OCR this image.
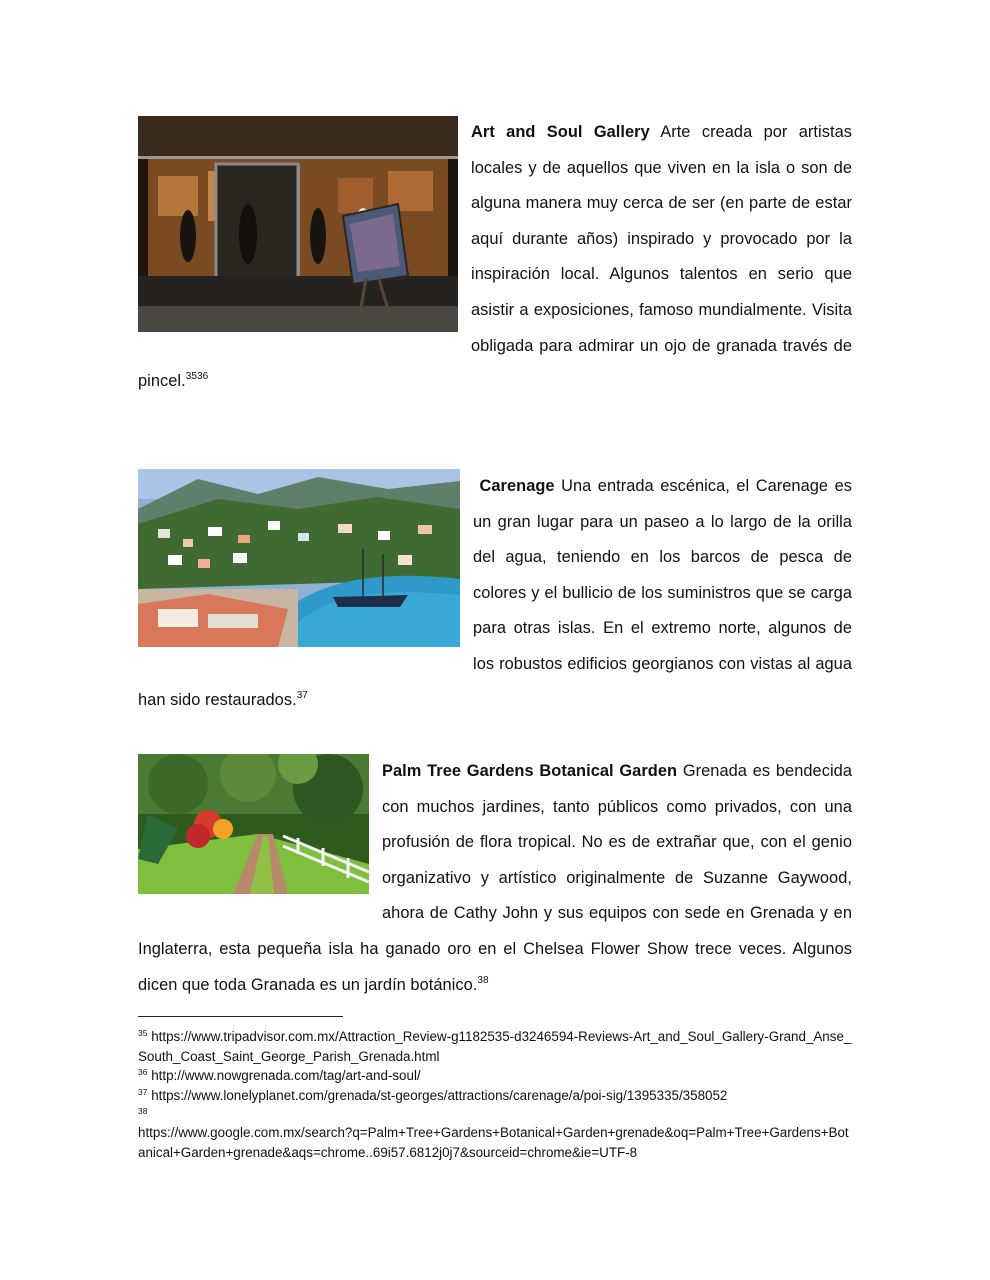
Art and Soul Gallery Arte creada por artistas locales y de aquellos que viven en la isla o son de alguna manera muy cerca de ser (en parte de estar aquí durante años) inspirado y provocado por la inspiración local. Algunos talentos en serio que asistir a exposiciones, famoso mundialmente. Visita obligada para admirar un ojo de granada través de pincel.$^{3536}$

Carenage Una entrada escénica, el Carenage es un gran lugar para un paseo a lo largo de la orilla del agua, teniendo en los barcos de pesca de colores y el bullicio de los suministros que se carga para otras islas. En el extremo norte, algunos de los robustos edificios georgianos con vistas al agua han sido restaurados.$^{37}$

Palm Tree Gardens Botanical Garden Grenada es bendecida con muchos jardines, tanto públicos como privados, con una profusión de flora tropical. No es de extrañar que, con el genio organizativo y artístico originalmente de Suzanne Gaywood, ahora de Cathy John y sus equipos con sede en Grenada y en Inglaterra, esta pequeña isla ha ganado oro en el Chelsea Flower Show trece veces. Algunos dicen que toda Granada es un jardín botánico.$^{38}$

$^{35}$ https://www.tripadvisor.com.mx/Attraction_Review-g1182535-d3246594-Reviews-Art_and_Soul_Gallery-Grand_Anse_South_Coast_Saint_George_Parish_Grenada.html

$^{36}$ http://www.nowgrenada.com/tag/art-and-soul/

$^{37}$ https://www.lonelyplanet.com/grenada/st-georges/attractions/carenage/a/poi-sig/1395335/358052

38

https://www.google.com.mx/search?q=Palm+Tree+Gardens+Botanical+Garden+grenade&oq=Palm+Tree+Gardens+Botanical+Garden+grenade&aqs=chrome..69i57.6812j0j7&sourceid=chrome&ie=UTF-8
